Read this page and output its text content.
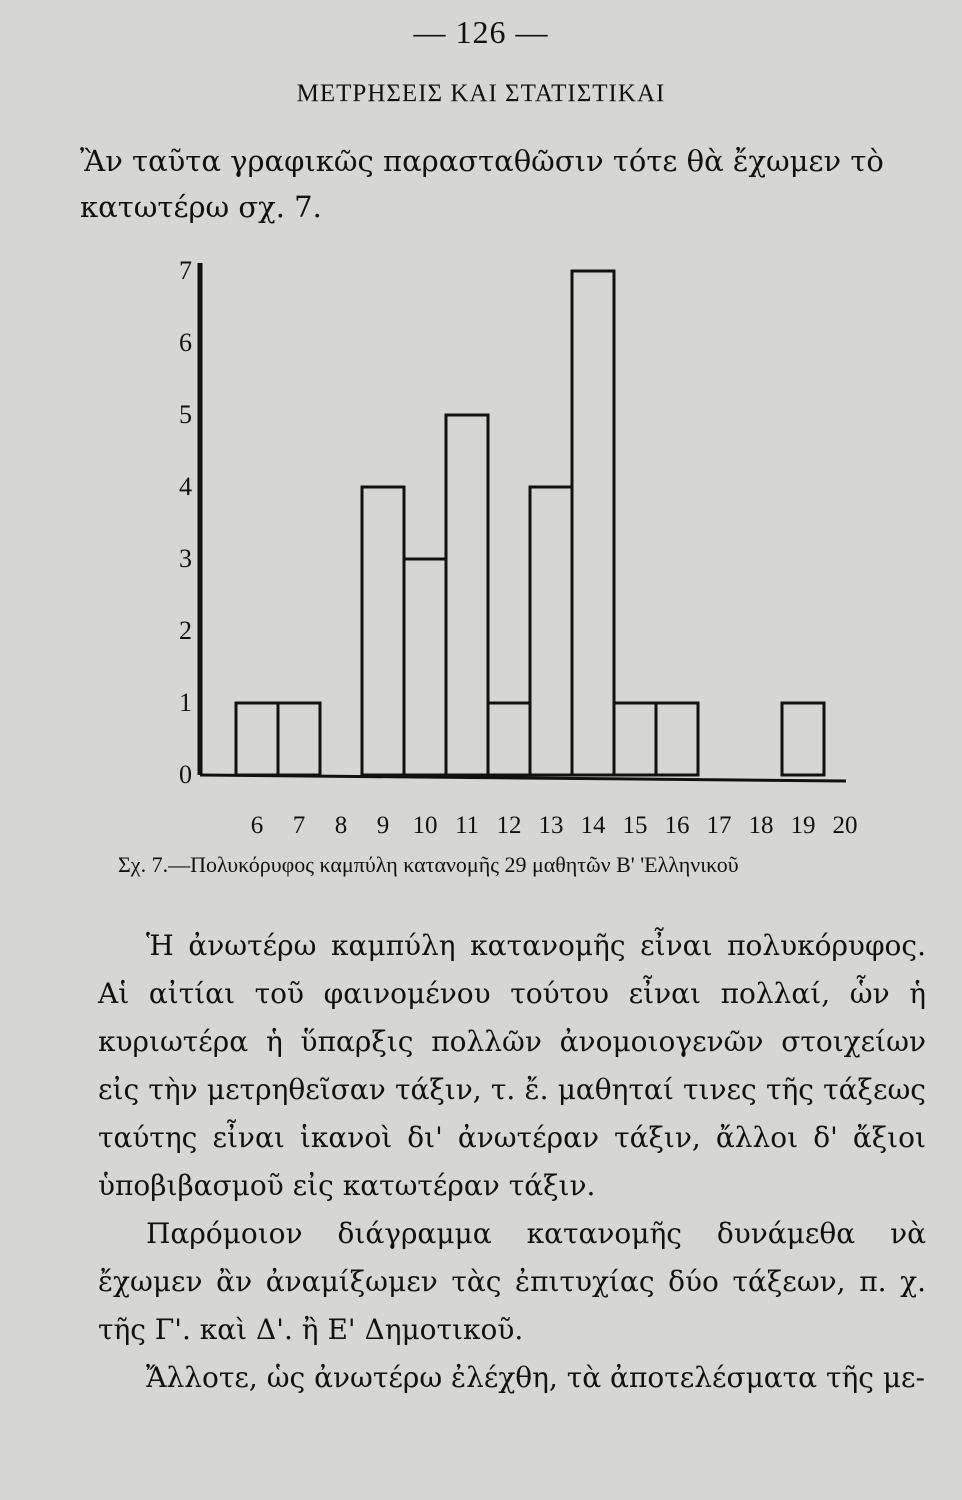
— 126 —
ΜΕΤΡΗΣΕΙΣ ΚΑΙ ΣΤΑΤΙΣΤΙΚΑΙ
Ἂν ταῦτα γραφικῶς παρασταθῶσιν τότε θὰ ἔχωμεν τὸ κατωτέρω σχ. 7.
0
1
2
3
4
5
6
7
6 7 8 9 10 11 12 13 14 15 16 17 18 19 20
Σχ. 7.—Πολυκόρυφος καμπύλη κατανομῆς 29 μαθητῶν Β' 'Ελληνικοῦ

Ἡ ἀνωτέρω καμπύλη κατανομῆς εἶναι πολυκόρυφος. Αἱ αἰτίαι τοῦ φαινομένου τούτου εἶναι πολλαί, ὧν ἡ κυριωτέρα ἡ ὕπαρξις πολλῶν ἀνομοιογενῶν στοιχείων εἰς τὴν μετρηθεῖσαν τάξιν, τ. ἔ. μαθηταί τινες τῆς τάξεως ταύτης εἶναι ἱκανοὶ δι' ἀνωτέραν τάξιν, ἄλλοι δ' ἄξιοι ὑποβιβασμοῦ εἰς κατωτέραν τάξιν.

Παρόμοιον διάγραμμα κατανομῆς δυνάμεθα νὰ ἔχωμεν ἂν ἀναμίξωμεν τὰς ἐπιτυχίας δύο τάξεων, π. χ. τῆς Γ'. καὶ Δ'. ἢ Ε' Δημοτικοῦ.

Ἄλλοτε, ὡς ἀνωτέρω ἐλέχθη, τὰ ἀποτελέσματα τῆς με-
